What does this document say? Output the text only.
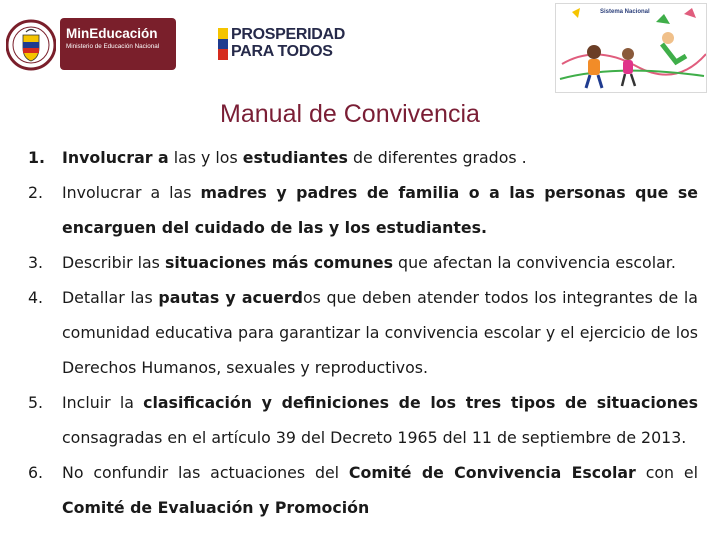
MinEducación
Ministerio de Educación Nacional
PROSPERIDAD
PARA TODOS
Sistema Nacional
Manual de Convivencia
1. Involucrar a las y los estudiantes de diferentes grados .
2. Involucrar a las madres y padres de familia o a las personas que se encarguen del cuidado de las y los estudiantes.
3. Describir las situaciones más comunes que afectan la convivencia escolar.
4. Detallar las pautas y acuerdos que deben atender todos los integrantes de la comunidad educativa para garantizar la convivencia escolar y el ejercicio de los Derechos Humanos, sexuales y reproductivos.
5. Incluir la clasificación y definiciones de los tres tipos de situaciones consagradas en el artículo 39 del Decreto 1965 del 11 de septiembre de 2013.
6. No confundir las actuaciones del Comité de Convivencia Escolar con el Comité de Evaluación y Promoción
